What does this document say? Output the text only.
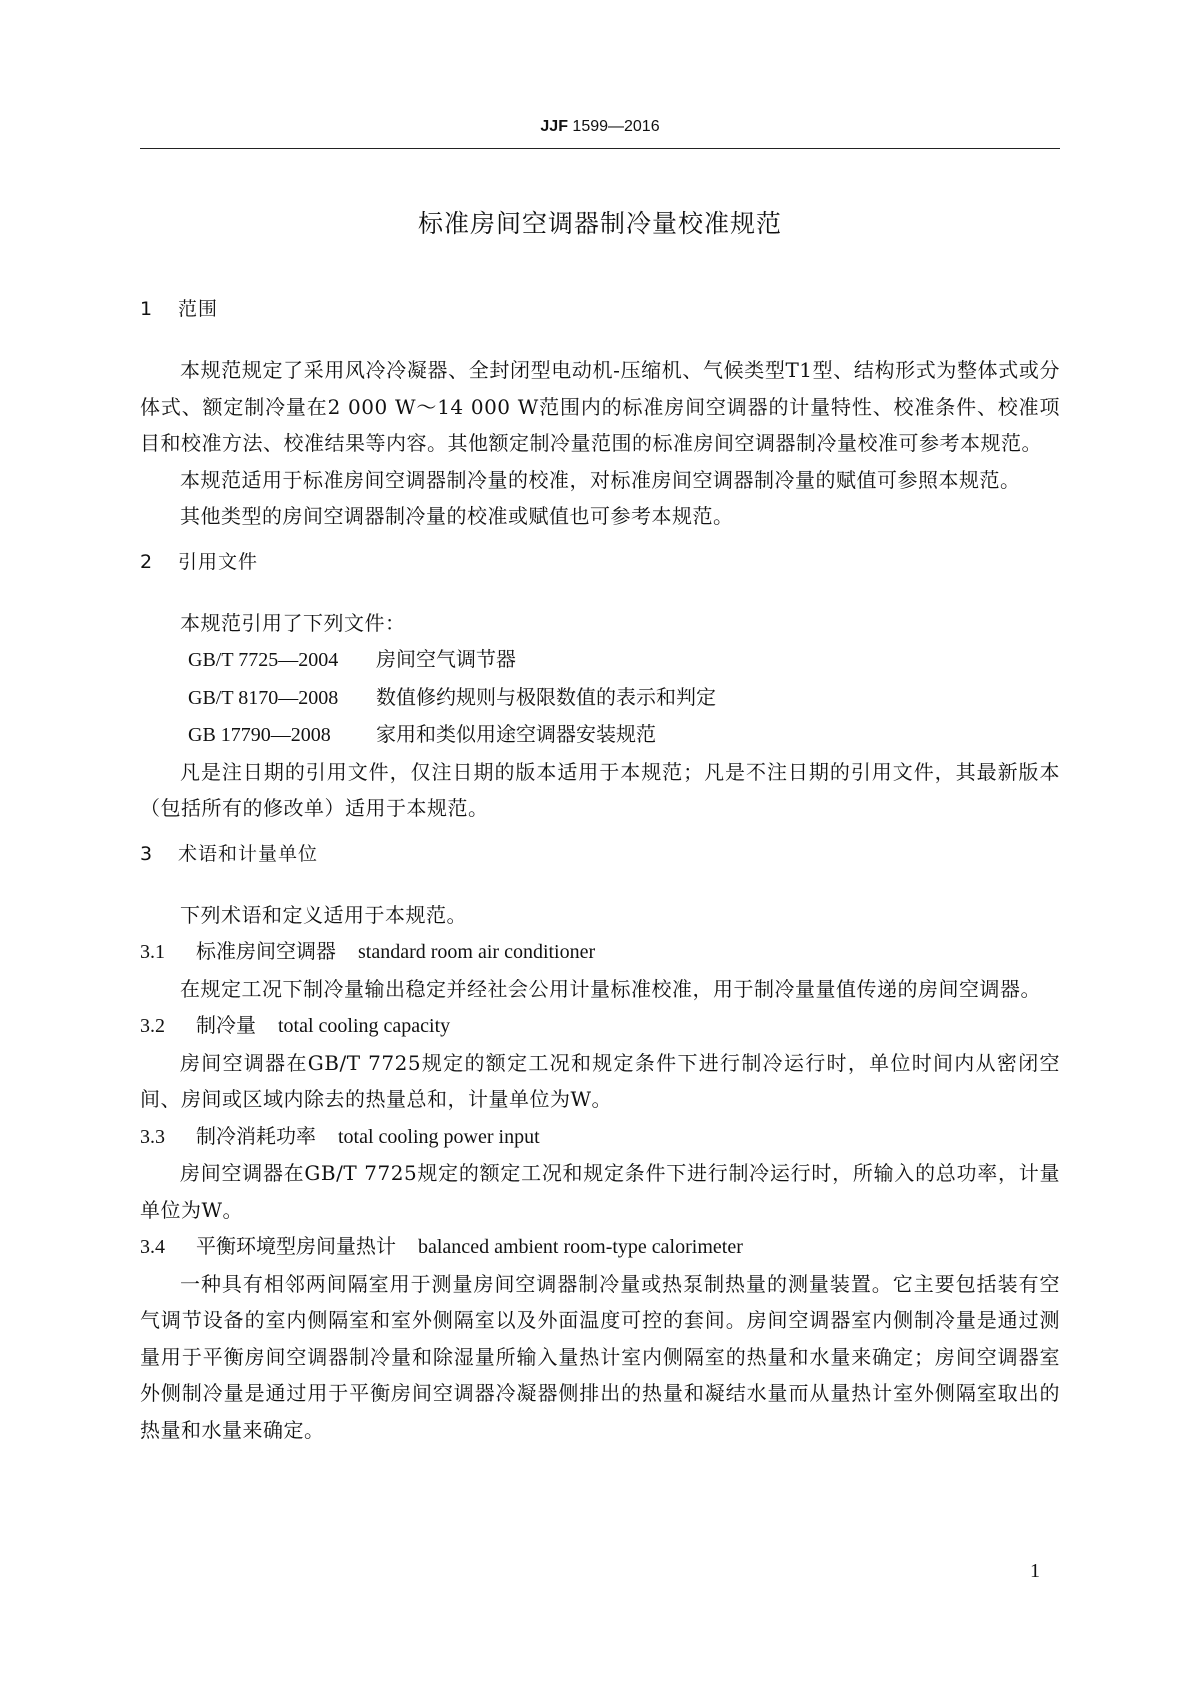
JJF 1599—2016
标准房间空调器制冷量校准规范
1 范围

本规范规定了采用风冷冷凝器、全封闭型电动机-压缩机、气候类型T1型、结构形式为整体式或分体式、额定制冷量在2 000 W～14 000 W范围内的标准房间空调器的计量特性、校准条件、校准项目和校准方法、校准结果等内容。其他额定制冷量范围的标准房间空调器制冷量校准可参考本规范。

本规范适用于标准房间空调器制冷量的校准，对标准房间空调器制冷量的赋值可参照本规范。

其他类型的房间空调器制冷量的校准或赋值也可参考本规范。

2 引用文件

本规范引用了下列文件：

GB/T 7725—2004 房间空气调节器

GB/T 8170—2008 数值修约规则与极限数值的表示和判定

GB 17790—2008 家用和类似用途空调器安装规范

凡是注日期的引用文件，仅注日期的版本适用于本规范；凡是不注日期的引用文件，其最新版本（包括所有的修改单）适用于本规范。

3 术语和计量单位

下列术语和定义适用于本规范。

3.1 标准房间空调器 standard room air conditioner

在规定工况下制冷量输出稳定并经社会公用计量标准校准，用于制冷量量值传递的房间空调器。

3.2 制冷量 total cooling capacity

房间空调器在GB/T 7725规定的额定工况和规定条件下进行制冷运行时，单位时间内从密闭空间、房间或区域内除去的热量总和，计量单位为W。

3.3 制冷消耗功率 total cooling power input

房间空调器在GB/T 7725规定的额定工况和规定条件下进行制冷运行时，所输入的总功率，计量单位为W。

3.4 平衡环境型房间量热计 balanced ambient room-type calorimeter

一种具有相邻两间隔室用于测量房间空调器制冷量或热泵制热量的测量装置。它主要包括装有空气调节设备的室内侧隔室和室外侧隔室以及外面温度可控的套间。房间空调器室内侧制冷量是通过测量用于平衡房间空调器制冷量和除湿量所输入量热计室内侧隔室的热量和水量来确定；房间空调器室外侧制冷量是通过用于平衡房间空调器冷凝器侧排出的热量和凝结水量而从量热计室外侧隔室取出的热量和水量来确定。

1
